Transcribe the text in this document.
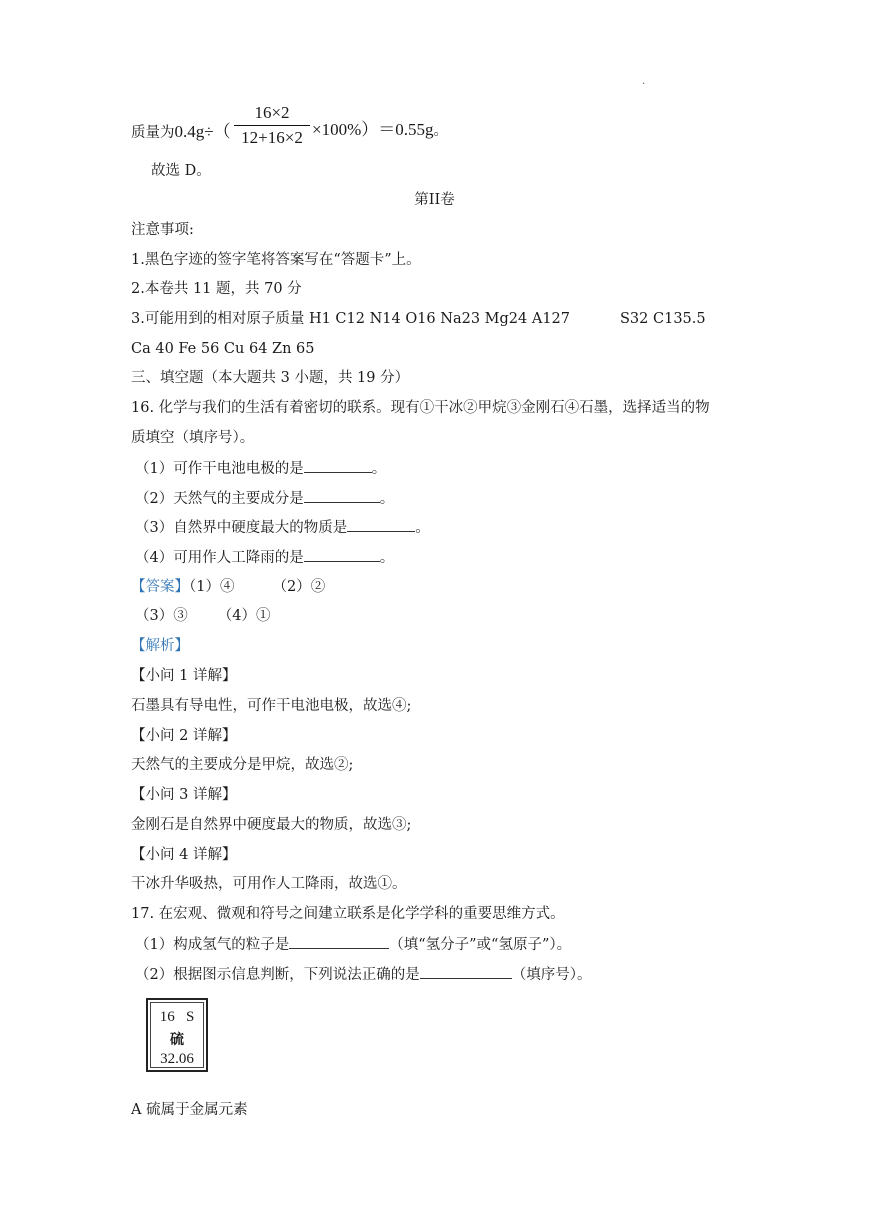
.
质量为$0.4g\div( \frac{16\times 2}{12+16\times 2} \times 100\%)=0.55g$。
故选 D。
第II卷
注意事项:
1.黑色字迹的签字笔将答案写在“答题卡”上。
2.本卷共 11 题，共 70 分
3.可能用到的相对原子质量 H1 C12 N14 O16 Na23 Mg24 A127	S32 C135.5
Ca 40 Fe 56 Cu 64 Zn 65
三、填空题（本大题共 3 小题，共 19 分）
16. 化学与我们的生活有着密切的联系。现有①干冰②甲烷③金刚石④石墨，选择适当的物
质填空（填序号）。
（1）可作干电池电极的是	。
（2）天然气的主要成分是	。
（3）自然界中硬度最大的物质是	。
（4）可用作人工降雨的是	。
【答案】（1）④	（2）②
（3）③ （4）①
【解析】
【小问 1 详解】
石墨具有导电性，可作干电池电极，故选④;
【小问 2 详解】
天然气的主要成分是甲烷，故选②;
【小问 3 详解】
金刚石是自然界中硬度最大的物质，故选③;
【小问 4 详解】
干冰升华吸热，可用作人工降雨，故选①。
17. 在宏观、微观和符号之间建立联系是化学学科的重要思维方式。
（1）构成氢气的粒子是	（填“氢分子”或“氢原子”）。
（2）根据图示信息判断，下列说法正确的是	（填序号）。
16 S
硫
32.06
A 硫属于金属元素
